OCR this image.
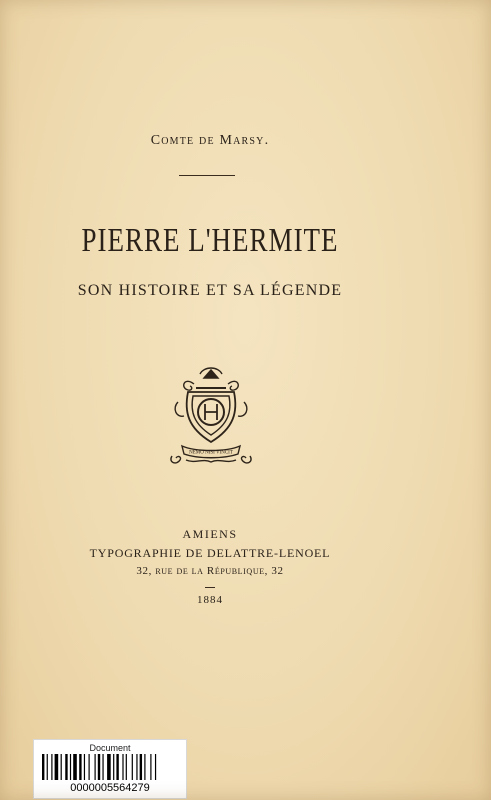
Comte de Marsy.
PIERRE L'HERMITE
SON HISTOIRE ET SA LÉGENDE
NEMO NISI VINCIT
AMIENS
TYPOGRAPHIE DE DELATTRE-LENOEL
32, rue de la République, 32
1884
Document
0000005564279
